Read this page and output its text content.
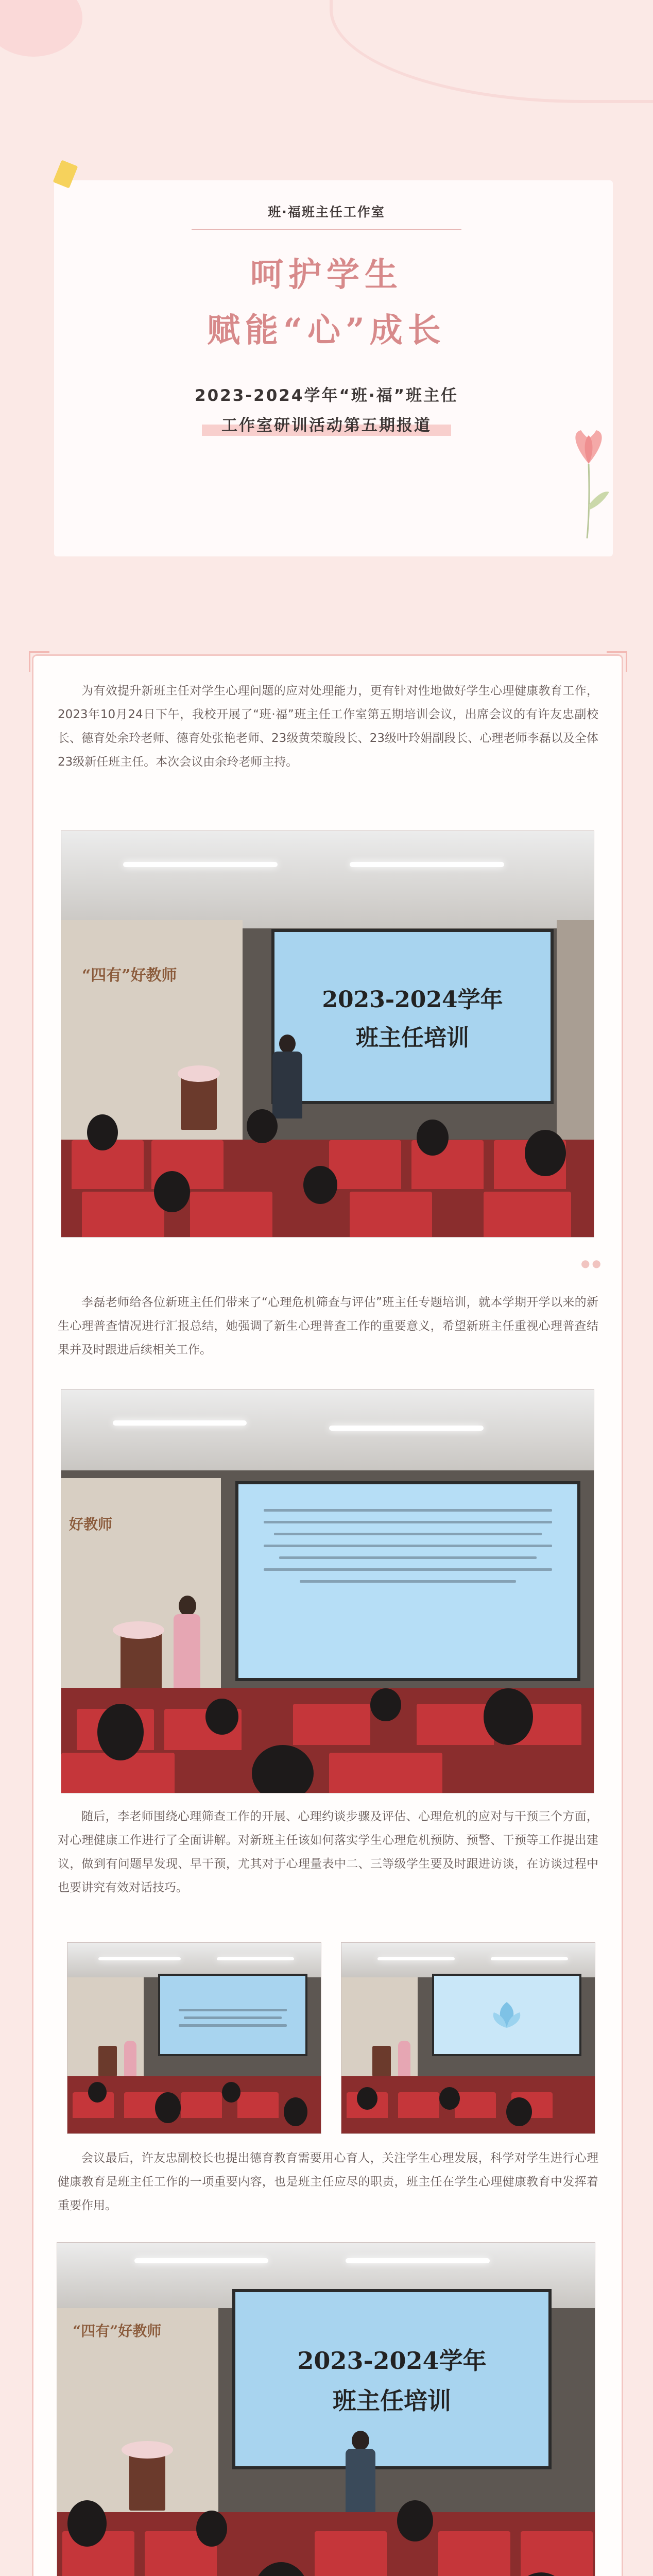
班·福班主任工作室
呵护学生
赋能“心”成长
2023-2024学年“班·福”班主任
工作室研训活动第五期报道

为有效提升新班主任对学生心理问题的应对处理能力，更有针对性地做好学生心理健康教育工作，2023年10月24日下午，我校开展了“班·福”班主任工作室第五期培训会议，出席会议的有许友忠副校长、德育处余玲老师、德育处张艳老师、23级黄荣璇段长、23级叶玲娟副段长、心理老师李磊以及全体23级新任班主任。本次会议由余玲老师主持。

“四有”好教师
2023-2024学年
班主任培训
●●

李磊老师给各位新班主任们带来了“心理危机筛查与评估”班主任专题培训，就本学期开学以来的新生心理普查情况进行汇报总结，她强调了新生心理普查工作的重要意义，希望新班主任重视心理普查结果并及时跟进后续相关工作。

好教师

随后，李老师围绕心理筛查工作的开展、心理约谈步骤及评估、心理危机的应对与干预三个方面，对心理健康工作进行了全面讲解。对新班主任该如何落实学生心理危机预防、预警、干预等工作提出建议，做到有问题早发现、早干预，尤其对于心理量表中二、三等级学生要及时跟进访谈，在访谈过程中也要讲究有效对话技巧。

会议最后，许友忠副校长也提出德育教育需要用心育人，关注学生心理发展，科学对学生进行心理健康教育是班主任工作的一项重要内容，也是班主任应尽的职责，班主任在学生心理健康教育中发挥着重要作用。

“四有”好教师
2023-2024学年
班主任培训
